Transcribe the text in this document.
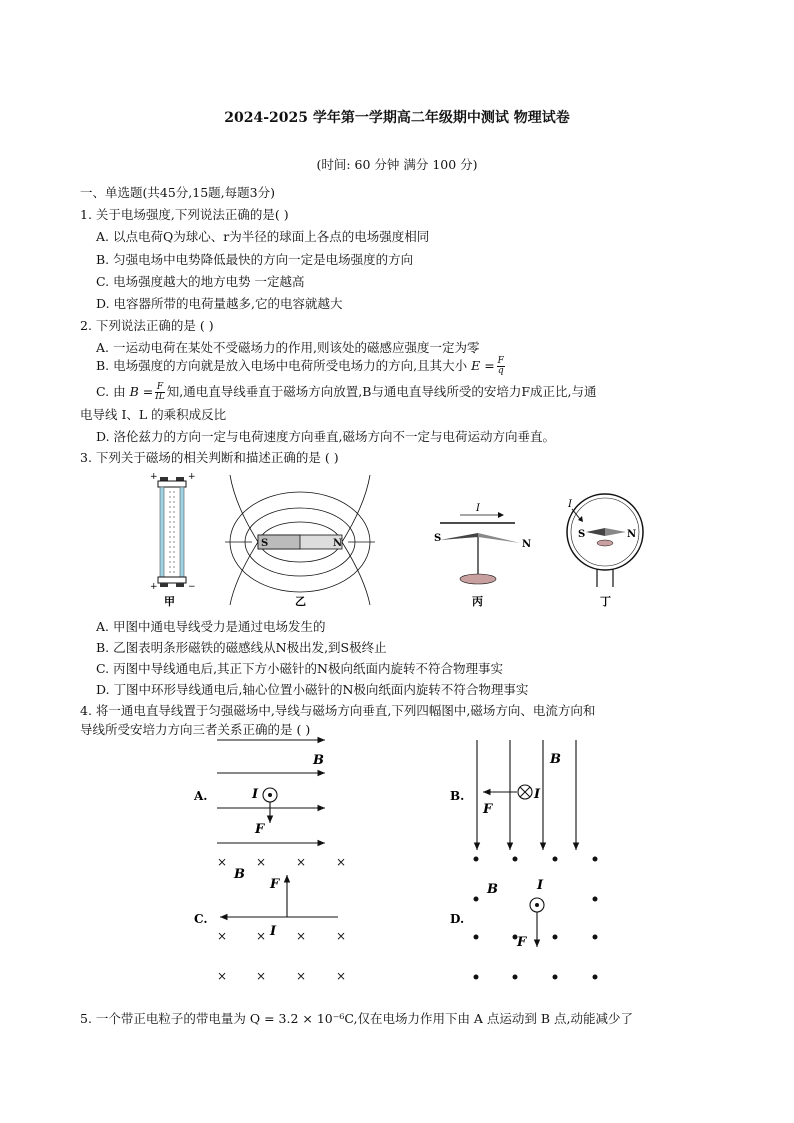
2024-2025 学年第一学期高二年级期中测试 物理试卷
(时间: 60 分钟 满分 100 分)
一、单选题(共45分,15题,每题3分)
1. 关于电场强度,下列说法正确的是( )
A. 以点电荷Q为球心、r为半径的球面上各点的电场强度相同
B. 匀强电场中电势降低最快的方向一定是电场强度的方向
C. 电场强度越大的地方电势 一定越高
D. 电容器所带的电荷量越多,它的电容就越大
2. 下列说法正确的是 ( )
A. 一运动电荷在某处不受磁场力的作用,则该处的磁感应强度一定为零
B. 电场强度的方向就是放入电场中电荷所受电场力的方向,且其大小 $E = \frac{F}{q}$
C. 由 $B = \frac{F}{IL}$ 知,通电直导线垂直于磁场方向放置,B与通电直导线所受的安培力F成正比,与通
电导线 I、L 的乘积成反比
D. 洛伦兹力的方向一定与电荷速度方向垂直,磁场方向不一定与电荷运动方向垂直。
3. 下列关于磁场的相关判断和描述正确的是 ( )
+	+
+	−
甲
S	N
乙
I
S
N
丙
S	N
I
丁
A. 甲图中通电导线受力是通过电场发生的
B. 乙图表明条形磁铁的磁感线从N极出发,到S极终止
C. 丙图中导线通电后,其正下方小磁针的N极向纸面内旋转不符合物理事实
D. 丁图中环形导线通电后,轴心位置小磁针的N极向纸面内旋转不符合物理事实
4. 将一通电直导线置于匀强磁场中,导线与磁场方向垂直,下列四幅图中,磁场方向、电流方向和
导线所受安培力方向三者关系正确的是 ( )
A.
B
I
F
B.
B
I
F
× × × ×
× × × ×
× × × ×
C.
B
F
I
D.
B	I
F
5. 一个带正电粒子的带电量为 Q = 3.2 × 10⁻⁶C,仅在电场力作用下由 A 点运动到 B 点,动能减少了
